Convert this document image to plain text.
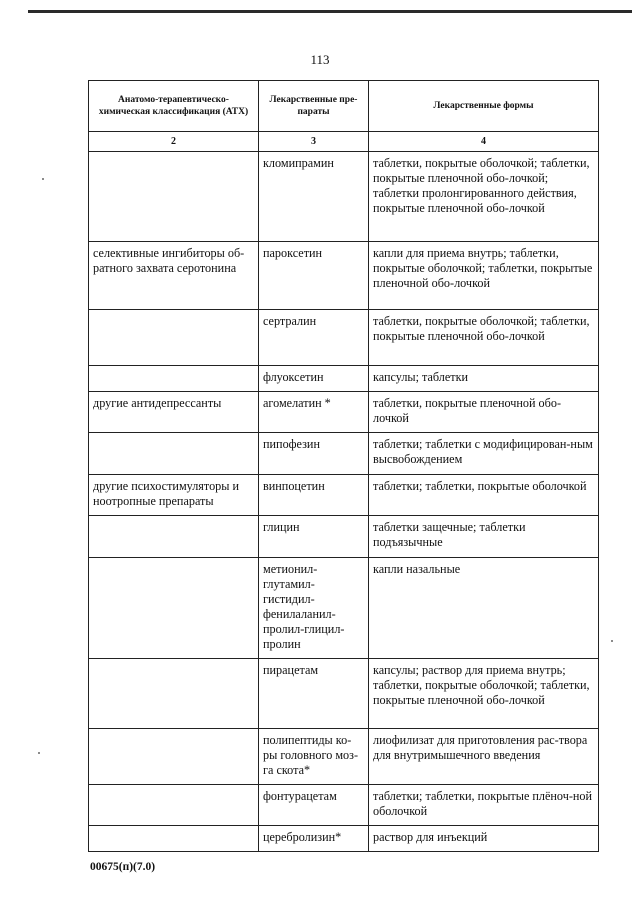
113
Анатомо-терапевтическо-химическая классификация (АТХ)	Лекарственные пре-параты	Лекарственные формы
2	3	4
	кломипрамин	таблетки, покрытые оболочкой; таблетки, покрытые пленочной обо-лочкой; таблетки пролонгированного действия, покрытые пленочной обо-лочкой
селективные ингибиторы об-ратного захвата серотонина	пароксетин	капли для приема внутрь; таблетки, покрытые оболочкой; таблетки, покрытые пленочной обо-лочкой
	сертралин	таблетки, покрытые оболочкой; таблетки, покрытые пленочной обо-лочкой
	флуоксетин	капсулы; таблетки
другие антидепрессанты	агомелатин *	таблетки, покрытые пленочной обо-лочкой
	пипофезин	таблетки; таблетки с модифицирован-ным высвобождением
другие психостимуляторы и ноотропные препараты	винпоцетин	таблетки; таблетки, покрытые оболочкой
	глицин	таблетки защечные; таблетки подъязычные
	метионил-глутамил-гистидил-фенилаланил-пролил-глицил-пролин	капли назальные
	пирацетам	капсулы; раствор для приема внутрь; таблетки, покрытые оболочкой; таблетки, покрытые пленочной обо-лочкой
	полипептиды ко-ры головного моз-га скота*	лиофилизат для приготовления рас-твора для внутримышечного введения
	фонтурацетам	таблетки; таблетки, покрытые плёноч-ной оболочкой
	церебролизин*	раствор для инъекций
00675(п)(7.0)
